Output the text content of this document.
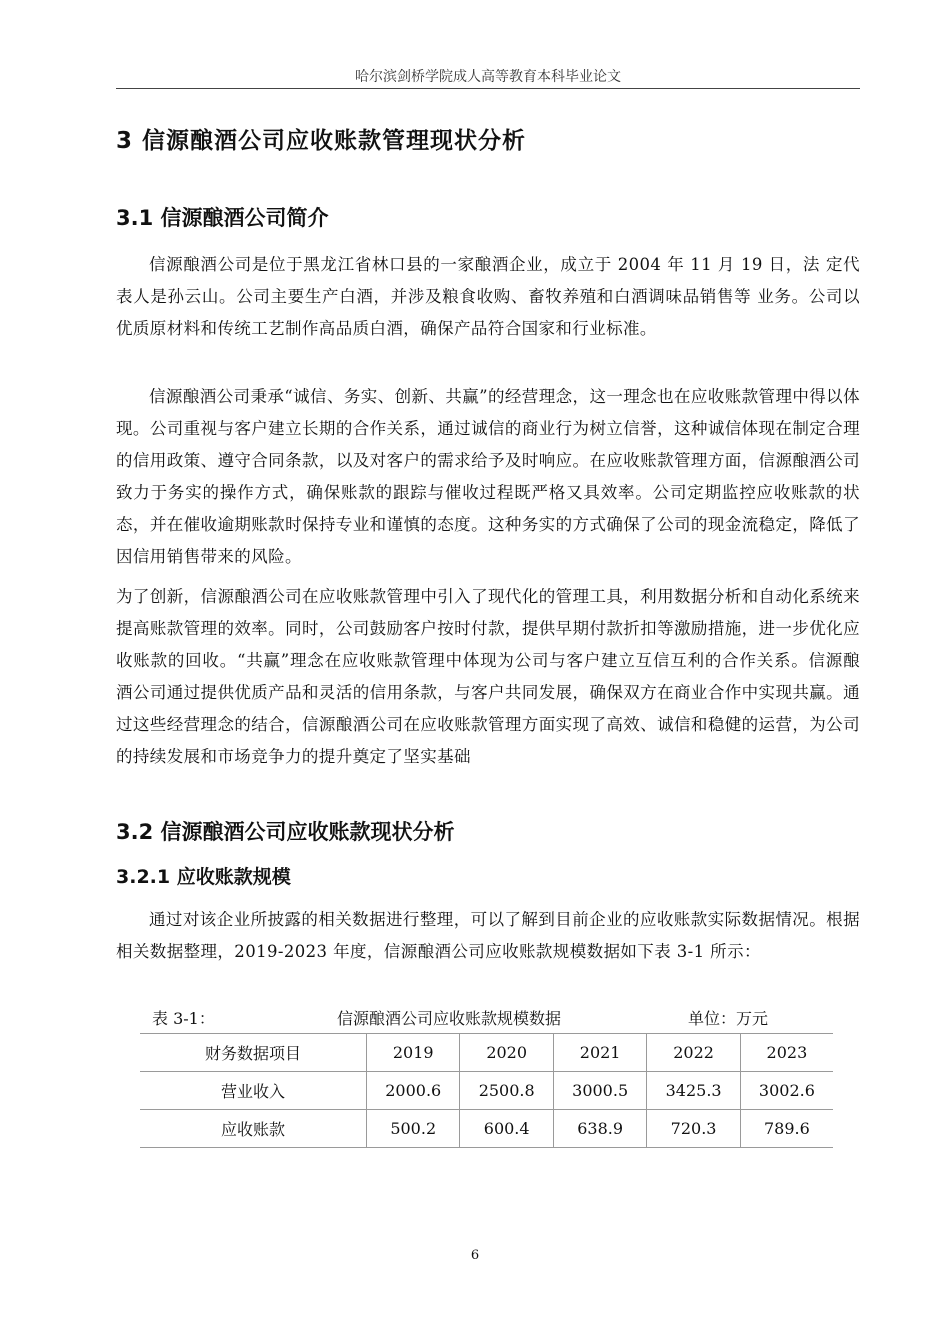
哈尔滨剑桥学院成人高等教育本科毕业论文
3 信源酿酒公司应收账款管理现状分析
3.1 信源酿酒公司简介

信源酿酒公司是位于黑龙江省林口县的一家酿酒企业，成立于 2004 年 11 月 19 日，法 定代表人是孙云山。公司主要生产白酒，并涉及粮食收购、畜牧养殖和白酒调味品销售等 业务。公司以优质原材料和传统工艺制作高品质白酒，确保产品符合国家和行业标准。

信源酿酒公司秉承“诚信、务实、创新、共赢”的经营理念，这一理念也在应收账款管理中得以体现。公司重视与客户建立长期的合作关系，通过诚信的商业行为树立信誉，这种诚信体现在制定合理的信用政策、遵守合同条款，以及对客户的需求给予及时响应。在应收账款管理方面，信源酿酒公司致力于务实的操作方式，确保账款的跟踪与催收过程既严格又具效率。公司定期监控应收账款的状态，并在催收逾期账款时保持专业和谨慎的态度。这种务实的方式确保了公司的现金流稳定，降低了因信用销售带来的风险。

为了创新，信源酿酒公司在应收账款管理中引入了现代化的管理工具，利用数据分析和自动化系统来提高账款管理的效率。同时，公司鼓励客户按时付款，提供早期付款折扣等激励措施，进一步优化应收账款的回收。“共赢”理念在应收账款管理中体现为公司与客户建立互信互利的合作关系。信源酿酒公司通过提供优质产品和灵活的信用条款，与客户共同发展，确保双方在商业合作中实现共赢。通过这些经营理念的结合，信源酿酒公司在应收账款管理方面实现了高效、诚信和稳健的运营，为公司的持续发展和市场竞争力的提升奠定了坚实基础

3.2 信源酿酒公司应收账款现状分析
3.2.1 应收账款规模

通过对该企业所披露的相关数据进行整理，可以了解到目前企业的应收账款实际数据情况。根据相关数据整理，2019-2023 年度，信源酿酒公司应收账款规模数据如下表 3-1 所示：

表 3-1：	信源酿酒公司应收账款规模数据	单位：万元
财务数据项目	2019	2020	2021	2022	2023
营业收入	2000.6	2500.8	3000.5	3425.3	3002.6
应收账款	500.2	600.4	638.9	720.3	789.6
6
